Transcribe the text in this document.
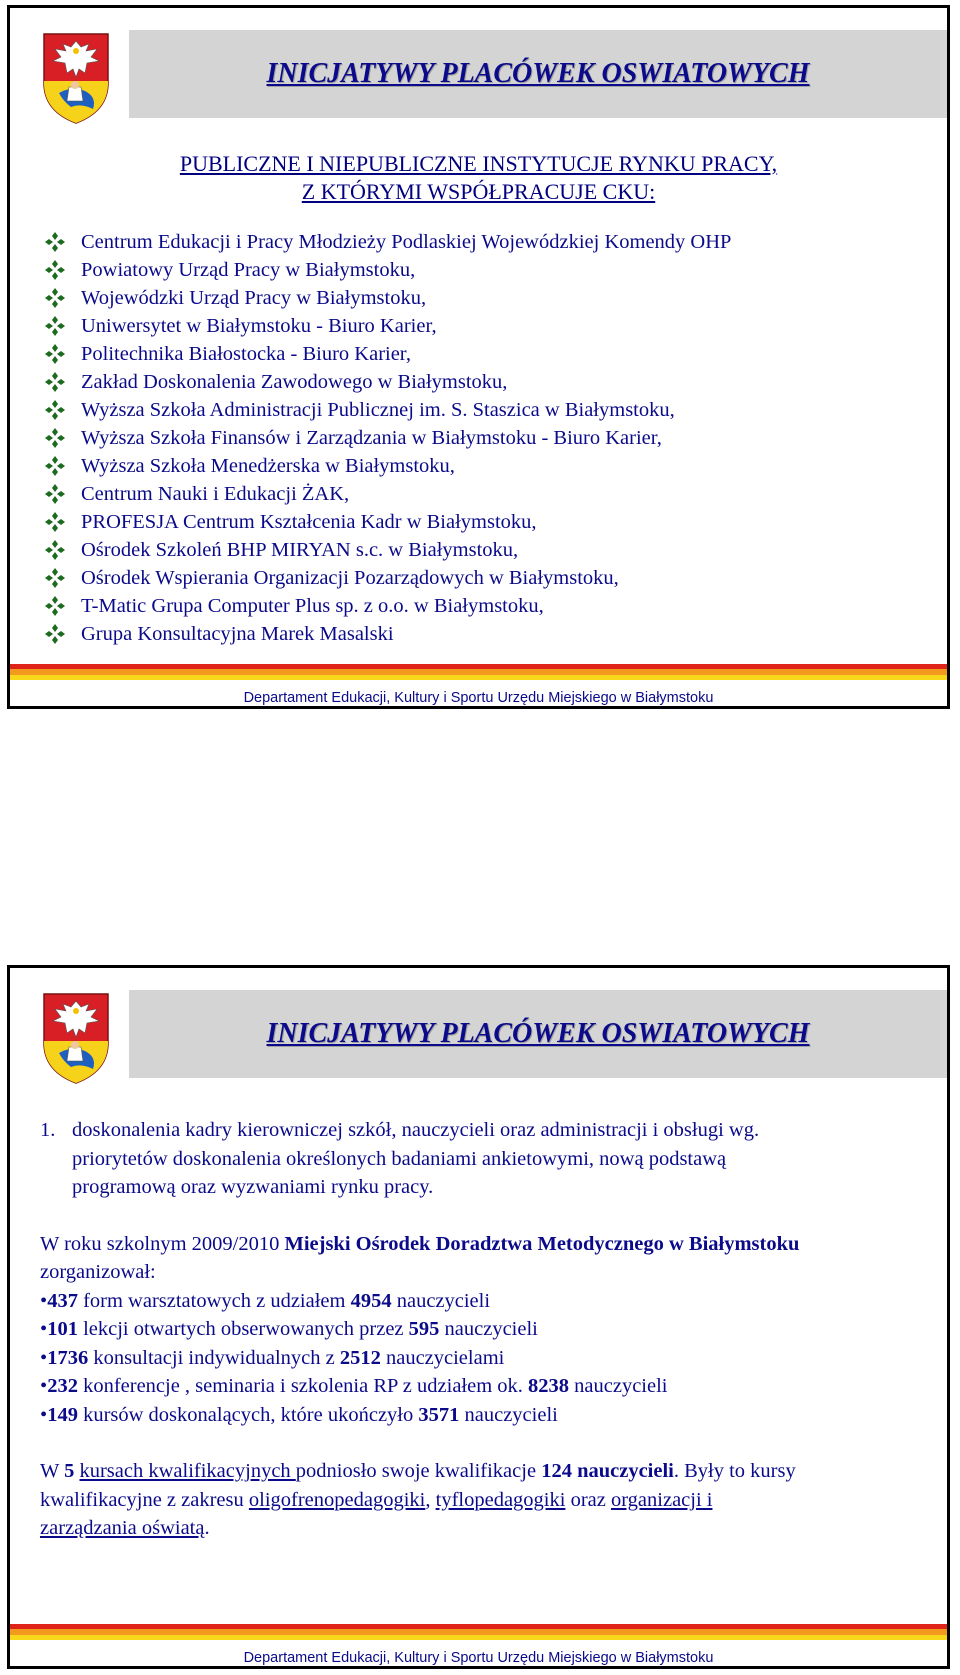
INICJATYWY PLACÓWEK OSWIATOWYCH
PUBLICZNE I NIEPUBLICZNE INSTYTUCJE RYNKU PRACY,
Z KTÓRYMI WSPÓŁPRACUJE CKU:
Centrum Edukacji i Pracy Młodzieży Podlaskiej Wojewódzkiej Komendy OHP
Powiatowy Urząd Pracy w Białymstoku,
Wojewódzki Urząd Pracy w Białymstoku,
Uniwersytet w Białymstoku - Biuro Karier,
Politechnika Białostocka - Biuro Karier,
Zakład Doskonalenia Zawodowego w Białymstoku,
Wyższa Szkoła Administracji Publicznej im. S. Staszica w Białymstoku,
Wyższa Szkoła Finansów i Zarządzania w Białymstoku - Biuro Karier,
Wyższa Szkoła Menedżerska w Białymstoku,
Centrum Nauki i Edukacji ŻAK,
PROFESJA Centrum Kształcenia Kadr w Białymstoku,
Ośrodek Szkoleń BHP MIRYAN s.c. w Białymstoku,
Ośrodek Wspierania Organizacji Pozarządowych w Białymstoku,
T-Matic Grupa Computer Plus sp. z o.o. w Białymstoku,
Grupa Konsultacyjna Marek Masalski
Departament Edukacji, Kultury i Sportu Urzędu Miejskiego w Białymstoku
INICJATYWY PLACÓWEK OSWIATOWYCH
1. doskonalenia kadry kierowniczej szkół, nauczycieli oraz administracji i obsługi wg.
priorytetów doskonalenia określonych badaniami ankietowymi, nową podstawą
programową oraz wyzwaniami rynku pracy.
W roku szkolnym 2009/2010 Miejski Ośrodek Doradztwa Metodycznego w Białymstoku
zorganizował:
•437 form warsztatowych z udziałem 4954 nauczycieli
•101 lekcji otwartych obserwowanych przez 595 nauczycieli
•1736 konsultacji indywidualnych z 2512 nauczycielami
•232 konferencje , seminaria i szkolenia RP z udziałem ok. 8238 nauczycieli
•149 kursów doskonalących, które ukończyło 3571 nauczycieli
W 5 kursach kwalifikacyjnych podniosło swoje kwalifikacje 124 nauczycieli. Były to kursy
kwalifikacyjne z zakresu oligofrenopedagogiki, tyflopedagogiki oraz organizacji i
zarządzania oświatą.
Departament Edukacji, Kultury i Sportu Urzędu Miejskiego w Białymstoku
